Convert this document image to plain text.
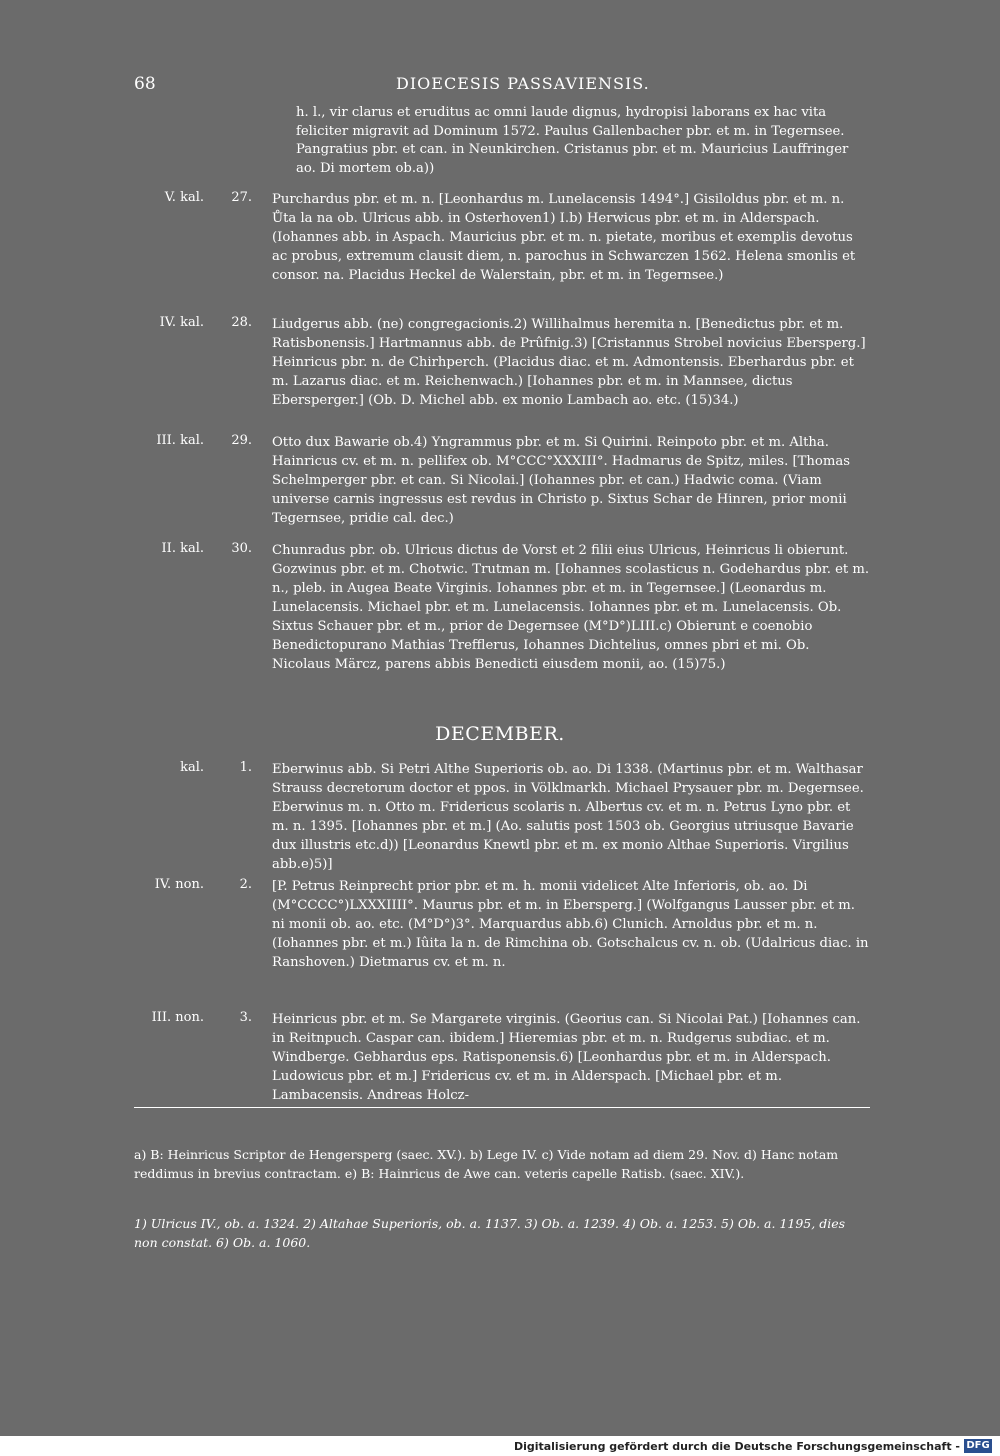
68	DIOECESIS PASSAVIENSIS.
h. l., vir clarus et eruditus ac omni laude dignus, hydropisi laborans ex hac vita feliciter migravit ad Dominum 1572. Paulus Gallenbacher pbr. et m. in Tegernsee. Pangratius pbr. et can. in Neunkirchen. Cristanus pbr. et m. Mauricius Lauffringer ao. Di mortem ob.a))
V. kal. 27. Purchardus pbr. et m. n. [Leonhardus m. Lunelacensis 1494°.] Gisiloldus pbr. et m. n. Ůta la na ob. Ulricus abb. in Osterhoven1) I.b) Herwicus pbr. et m. in Alderspach. (Iohannes abb. in Aspach. Mauricius pbr. et m. n. pietate, moribus et exemplis devotus ac probus, extremum clausit diem, n. parochus in Schwarczen 1562. Helena smonlis et consor. na. Placidus Heckel de Walerstain, pbr. et m. in Tegernsee.)
IV. kal. 28. Liudgerus abb. (ne) congregacionis.2) Willihalmus heremita n. [Benedictus pbr. et m. Ratisbonensis.] Hartmannus abb. de Prûfnig.3) [Cristannus Strobel novicius Ebersperg.] Heinricus pbr. n. de Chirhperch. (Placidus diac. et m. Admontensis. Eberhardus pbr. et m. Lazarus diac. et m. Reichenwach.) [Iohannes pbr. et m. in Mannsee, dictus Ebersperger.] (Ob. D. Michel abb. ex monio Lambach ao. etc. (15)34.)
III. kal. 29. Otto dux Bawarie ob.4) Yngrammus pbr. et m. Si Quirini. Reinpoto pbr. et m. Altha. Hainricus cv. et m. n. pellifex ob. M°CCC°XXXIII°. Hadmarus de Spitz, miles. [Thomas Schelmperger pbr. et can. Si Nicolai.] (Iohannes pbr. et can.) Hadwic coma. (Viam universe carnis ingressus est revdus in Christo p. Sixtus Schar de Hinren, prior monii Tegernsee, pridie cal. dec.)
II. kal. 30. Chunradus pbr. ob. Ulricus dictus de Vorst et 2 filii eius Ulricus, Heinricus li obierunt. Gozwinus pbr. et m. Chotwic. Trutman m. [Iohannes scolasticus n. Godehardus pbr. et m. n., pleb. in Augea Beate Virginis. Iohannes pbr. et m. in Tegernsee.] (Leonardus m. Lunelacensis. Michael pbr. et m. Lunelacensis. Iohannes pbr. et m. Lunelacensis. Ob. Sixtus Schauer pbr. et m., prior de Degernsee (M°D°)LIII.c) Obierunt e coenobio Benedictopurano Mathias Trefflerus, Iohannes Dichtelius, omnes pbri et mi. Ob. Nicolaus Märcz, parens abbis Benedicti eiusdem monii, ao. (15)75.)
DECEMBER.
kal.	1. Eberwinus abb. Si Petri Althe Superioris ob. ao. Di 1338. (Martinus pbr. et m. Walthasar Strauss decretorum doctor et ppos. in Völklmarkh. Michael Prysauer pbr. m. Degernsee. Eberwinus m. n. Otto m. Fridericus scolaris n. Albertus cv. et m. n. Petrus Lyno pbr. et m. n. 1395. [Iohannes pbr. et m.] (Ao. salutis post 1503 ob. Georgius utriusque Bavarie dux illustris etc.d)) [Leonardus Knewtl pbr. et m. ex monio Althae Superioris. Virgilius abb.e)5)]
IV. non.	2. [P. Petrus Reinprecht prior pbr. et m. h. monii videlicet Alte Inferioris, ob. ao. Di (M°CCCC°)LXXXIIII°. Maurus pbr. et m. in Ebersperg.] (Wolfgangus Lausser pbr. et m. ni monii ob. ao. etc. (M°D°)3°. Marquardus abb.6) Clunich. Arnoldus pbr. et m. n. (Iohannes pbr. et m.) Iûita la n. de Rimchina ob. Gotschalcus cv. n. ob. (Udalricus diac. in Ranshoven.) Dietmarus cv. et m. n.
III. non.	3. Heinricus pbr. et m. Se Margarete virginis. (Georius can. Si Nicolai Pat.) [Iohannes can. in Reitnpuch. Caspar can. ibidem.] Hieremias pbr. et m. n. Rudgerus subdiac. et m. Windberge. Gebhardus eps. Ratisponensis.6) [Leonhardus pbr. et m. in Alderspach. Ludowicus pbr. et m.] Fridericus cv. et m. in Alderspach. [Michael pbr. et m. Lambacensis. Andreas Holcz-
a) B: Heinricus Scriptor de Hengersperg (saec. XV.). b) Lege IV. c) Vide notam ad diem 29. Nov. d) Hanc notam reddimus in brevius contractam. e) B: Hainricus de Awe can. veteris capelle Ratisb. (saec. XIV.).
1) Ulricus IV., ob. a. 1324. 2) Altahae Superioris, ob. a. 1137. 3) Ob. a. 1239. 4) Ob. a. 1253. 5) Ob. a. 1195, dies non constat. 6) Ob. a. 1060.
Digitalisierung gefördert durch die Deutsche Forschungsgemeinschaft - DFG
